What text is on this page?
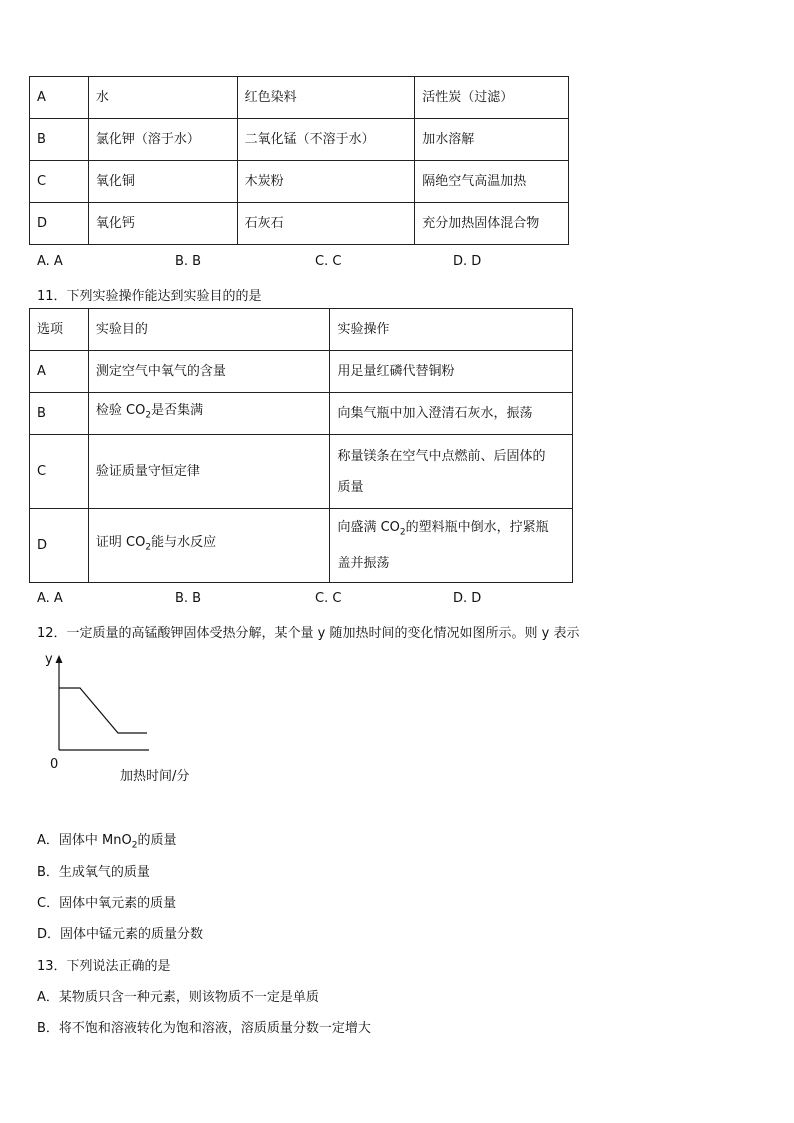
A	水	红色染料	活性炭（过滤）
B	氯化钾（溶于水）	二氧化锰（不溶于水）	加水溶解
C	氧化铜	木炭粉	隔绝空气高温加热
D	氧化钙	石灰石	充分加热固体混合物
A. A	B. B	C. C	D. D
11．下列实验操作能达到实验目的的是
选项	实验目的	实验操作
A	测定空气中氧气的含量	用足量红磷代替铜粉
B	检验 $CO_2$是否集满	向集气瓶中加入澄清石灰水，振荡
C	验证质量守恒定律	称量镁条在空气中点燃前、后固体的
质量

D	证明 $CO_2$能与水反应	向盛满 $CO_2$的塑料瓶中倒水，拧紧瓶
盖并振荡
A. A	B. B	C. C	D. D
12．一定质量的高锰酸钾固体受热分解，某个量 y 随加热时间的变化情况如图所示。则 y 表示
y
0
加热时间/分
A．固体中 MnO$_2$的质量
B．生成氧气的质量
C．固体中氧元素的质量
D．固体中锰元素的质量分数
13．下列说法正确的是
A．某物质只含一种元素，则该物质不一定是单质
B．将不饱和溶液转化为饱和溶液，溶质质量分数一定增大
